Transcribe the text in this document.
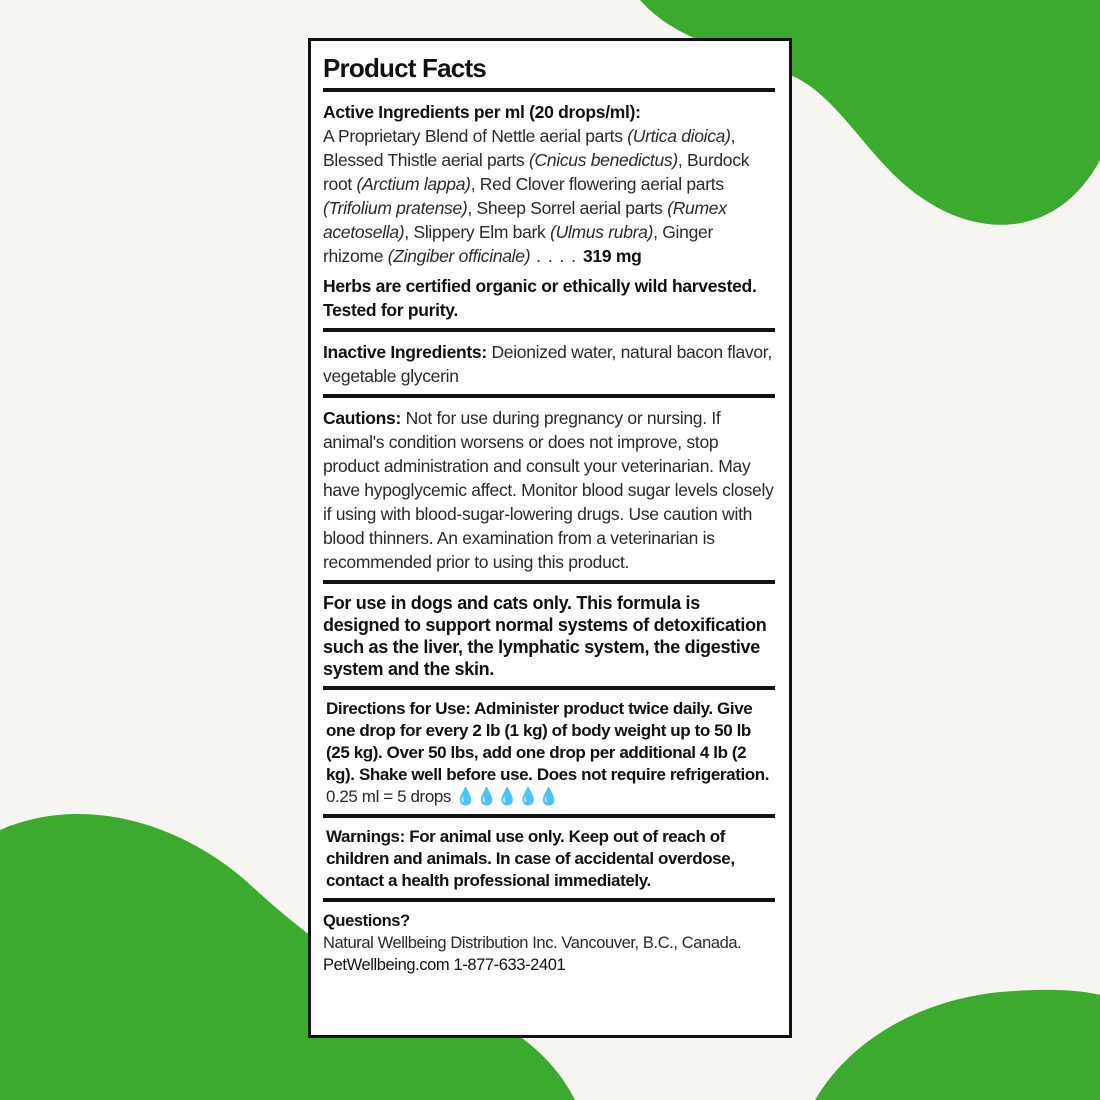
Product Facts

Active Ingredients per ml (20 drops/ml):

A Proprietary Blend of Nettle aerial parts (Urtica dioica), Blessed Thistle aerial parts (Cnicus benedictus), Burdock root (Arctium lappa), Red Clover flowering aerial parts (Trifolium pratense), Sheep Sorrel aerial parts (Rumex acetosella), Slippery Elm bark (Ulmus rubra), Ginger rhizome (Zingiber officinale) . . . . 319 mg

Herbs are certified organic or ethically wild harvested. Tested for purity.

Inactive Ingredients: Deionized water, natural bacon flavor, vegetable glycerin

Cautions: Not for use during pregnancy or nursing. If animal's condition worsens or does not improve, stop product administration and consult your veterinarian. May have hypoglycemic affect. Monitor blood sugar levels closely if using with blood-sugar-lowering drugs. Use caution with blood thinners. An examination from a veterinarian is recommended prior to using this product.

For use in dogs and cats only. This formula is designed to support normal systems of detoxification such as the liver, the lymphatic system, the digestive system and the skin.

Directions for Use: Administer product twice daily. Give one drop for every 2 lb (1 kg) of body weight up to 50 lb (25 kg). Over 50 lbs, add one drop per additional 4 lb (2 kg). Shake well before use. Does not require refrigeration. 0.25 ml = 5 drops 💧💧💧💧💧

Warnings: For animal use only. Keep out of reach of children and animals. In case of accidental overdose, contact a health professional immediately.

Questions?

Natural Wellbeing Distribution Inc. Vancouver, B.C., Canada.

PetWellbeing.com 1-877-633-2401
